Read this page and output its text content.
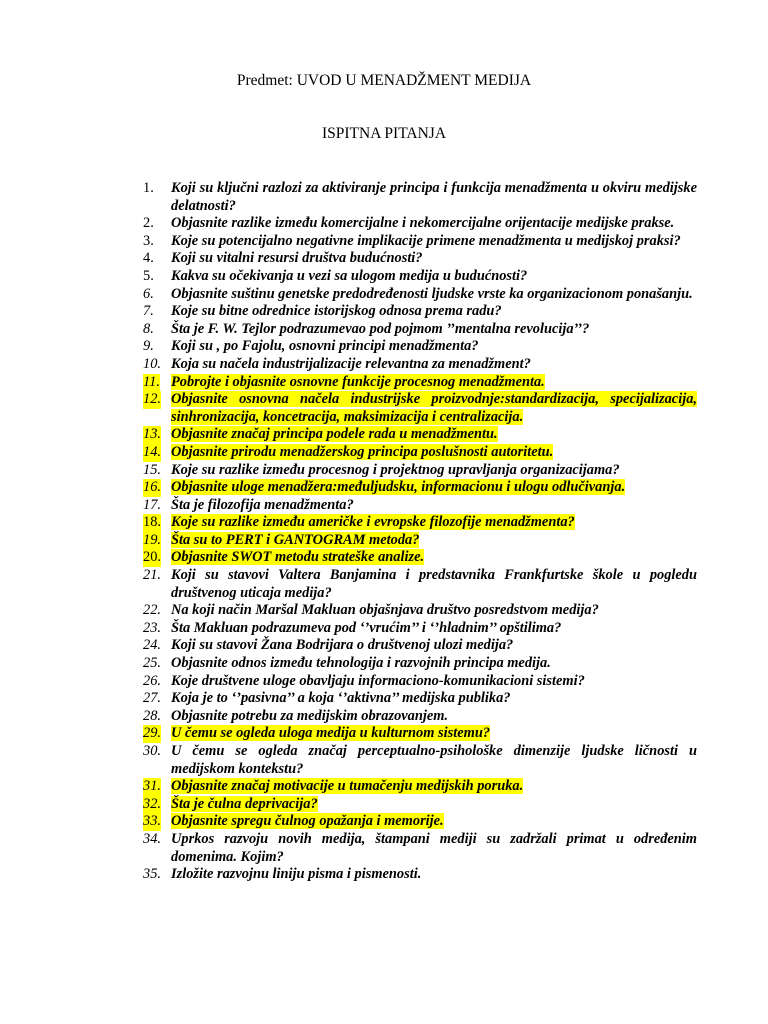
Predmet: UVOD U MENADŽMENT MEDIJA
ISPITNA PITANJA
1. Koji su ključni razlozi za aktiviranje principa i funkcija menadžmenta u okviru medijske delatnosti?
2. Objasnite razlike između komercijalne i nekomercijalne orijentacije medijske prakse.
3. Koje su potencijalno negativne implikacije primene menadžmenta u medijskoj praksi?
4. Koji su vitalni resursi društva budućnosti?
5. Kakva su očekivanja u vezi sa ulogom medija u budućnosti?
6. Objasnite suštinu genetske predodređenosti ljudske vrste ka organizacionom ponašanju.
7. Koje su bitne odrednice istorijskog odnosa prema radu?
8. Šta je F. W. Tejlor podrazumevao pod pojmom ’’mentalna revolucija’’?
9. Koji su , po Fajolu, osnovni principi menadžmenta?
10. Koja su načela industrijalizacije relevantna za menadžment?
11. Pobrojte i objasnite osnovne funkcije procesnog menadžmenta.
12. Objasnite osnovna načela industrijske proizvodnje:standardizacija, specijalizacija, sinhronizacija, koncetracija, maksimizacija i centralizacija.
13. Objasnite značaj principa podele rada u menadžmentu.
14. Objasnite prirodu menadžerskog principa poslušnosti autoritetu.
15. Koje su razlike između procesnog i projektnog upravljanja organizacijama?
16. Objasnite uloge menadžera:međuljudsku, informacionu i ulogu odlučivanja.
17. Šta je filozofija menadžmenta?
18. Koje su razlike između američke i evropske filozofije menadžmenta?
19. Šta su to PERT i GANTOGRAM metoda?
20. Objasnite SWOT metodu strateške analize.
21. Koji su stavovi Valtera Banjamina i predstavnika Frankfurtske škole u pogledu društvenog uticaja medija?
22. Na koji način Maršal Makluan objašnjava društvo posredstvom medija?
23. Šta Makluan podrazumeva pod ‘’vrućim’’ i ‘’hladnim’’ opštilima?
24. Koji su stavovi Žana Bodrijara o društvenoj ulozi medija?
25. Objasnite odnos između tehnologija i razvojnih principa medija.
26. Koje društvene uloge obavljaju informaciono-komunikacioni sistemi?
27. Koja je to ‘’pasivna’’ a koja ‘’aktivna’’ medijska publika?
28. Objasnite potrebu za medijskim obrazovanjem.
29. U čemu se ogleda uloga medija u kulturnom sistemu?
30. U čemu se ogleda značaj perceptualno-psihološke dimenzije ljudske ličnosti u medijskom kontekstu?
31. Objasnite značaj motivacije u tumačenju medijskih poruka.
32. Šta je čulna deprivacija?
33. Objasnite spregu čulnog opažanja i memorije.
34. Uprkos razvoju novih medija, štampani mediji su zadržali primat u određenim domenima. Kojim?
35. Izložite razvojnu liniju pisma i pismenosti.
